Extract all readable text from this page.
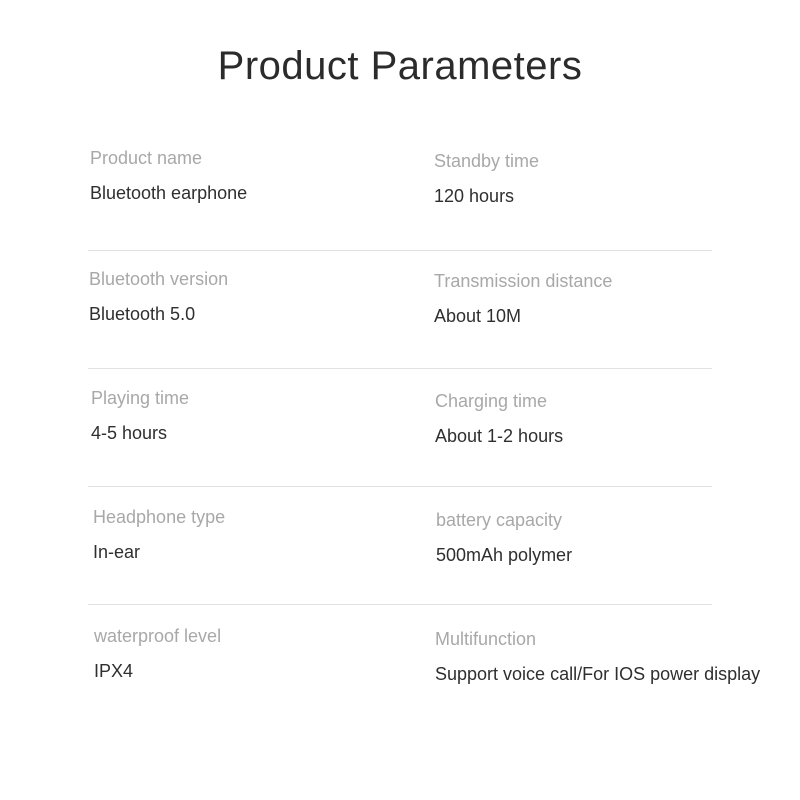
Product Parameters
Product name
Bluetooth earphone
Standby time
120 hours
Bluetooth version
Bluetooth 5.0
Transmission distance
About 10M
Playing time
4-5 hours
Charging time
About 1-2 hours
Headphone type
In-ear
battery capacity
500mAh polymer
waterproof level
IPX4
Multifunction
Support voice call/For IOS power display
